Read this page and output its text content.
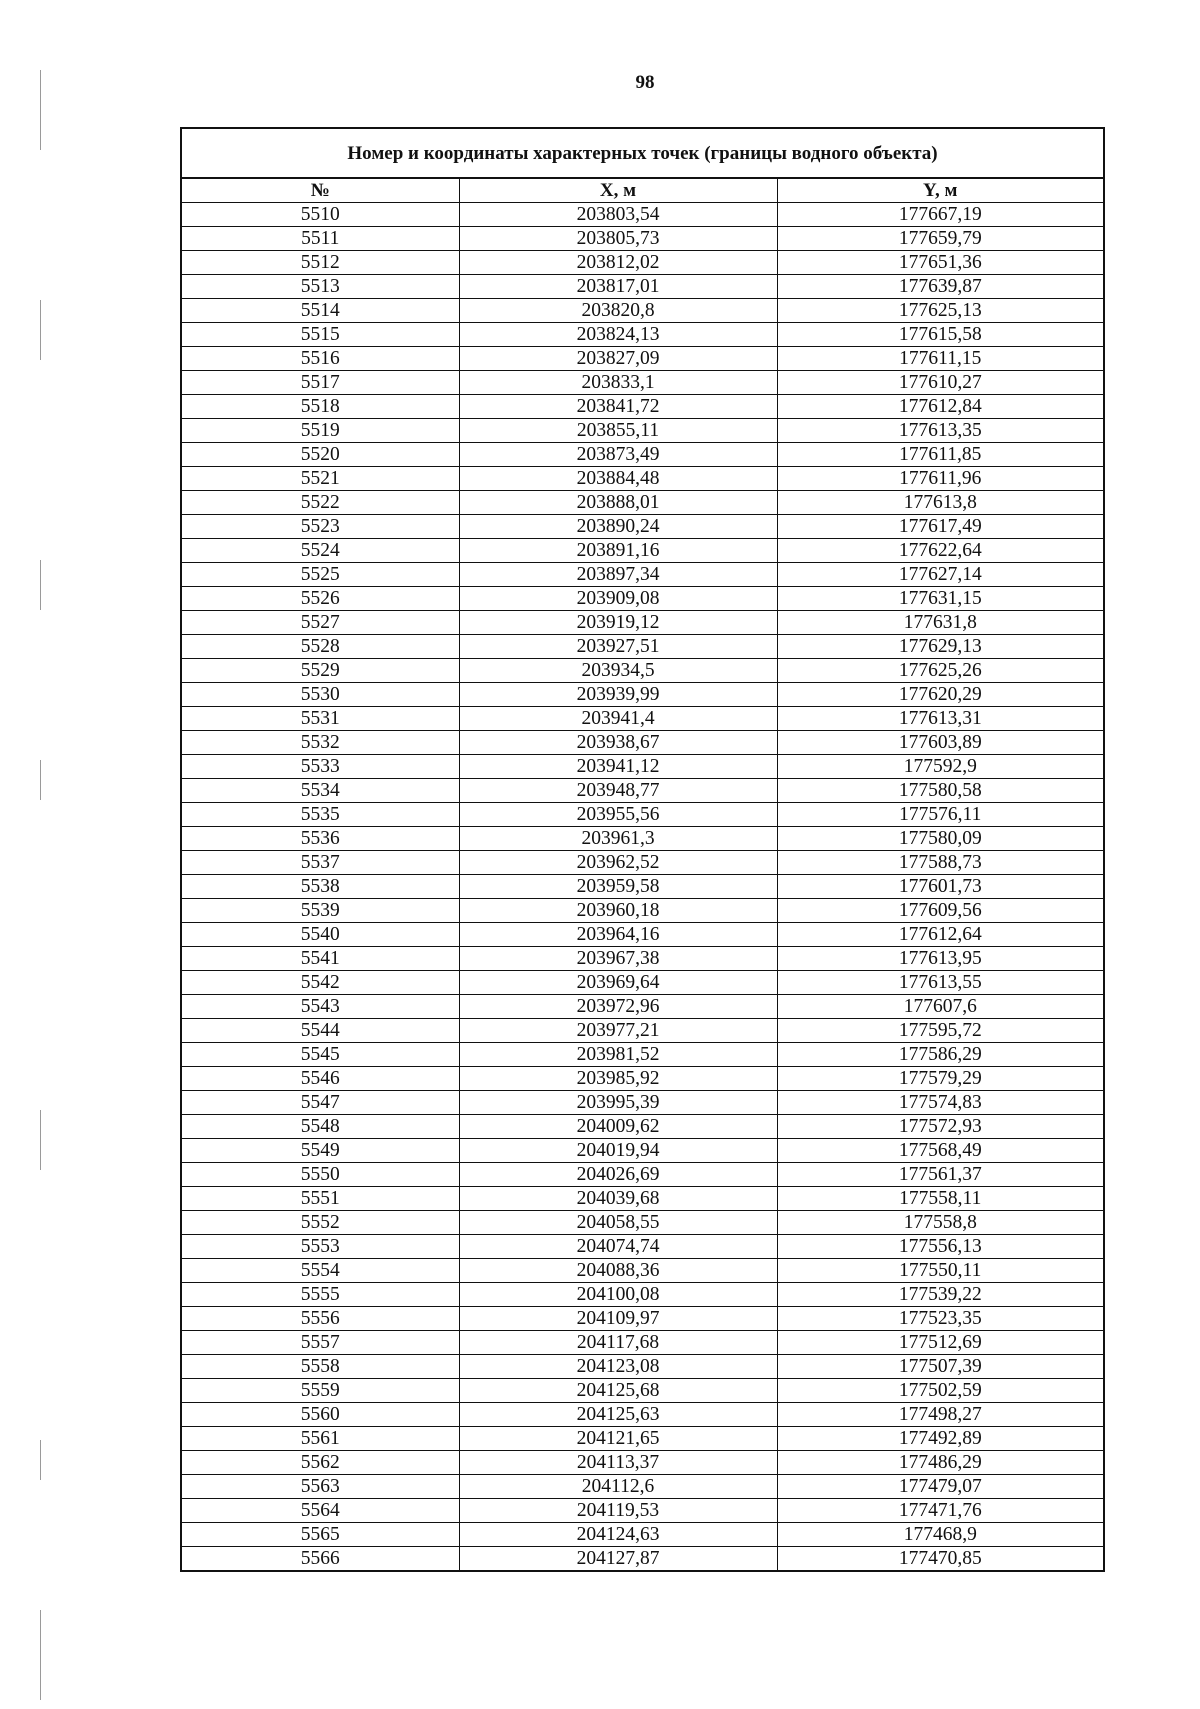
98
Номер и координаты характерных точек (границы водного объекта)		
№	X, м	Y, м
5510	203803,54	177667,19
5511	203805,73	177659,79
5512	203812,02	177651,36
5513	203817,01	177639,87
5514	203820,8	177625,13
5515	203824,13	177615,58
5516	203827,09	177611,15
5517	203833,1	177610,27
5518	203841,72	177612,84
5519	203855,11	177613,35
5520	203873,49	177611,85
5521	203884,48	177611,96
5522	203888,01	177613,8
5523	203890,24	177617,49
5524	203891,16	177622,64
5525	203897,34	177627,14
5526	203909,08	177631,15
5527	203919,12	177631,8
5528	203927,51	177629,13
5529	203934,5	177625,26
5530	203939,99	177620,29
5531	203941,4	177613,31
5532	203938,67	177603,89
5533	203941,12	177592,9
5534	203948,77	177580,58
5535	203955,56	177576,11
5536	203961,3	177580,09
5537	203962,52	177588,73
5538	203959,58	177601,73
5539	203960,18	177609,56
5540	203964,16	177612,64
5541	203967,38	177613,95
5542	203969,64	177613,55
5543	203972,96	177607,6
5544	203977,21	177595,72
5545	203981,52	177586,29
5546	203985,92	177579,29
5547	203995,39	177574,83
5548	204009,62	177572,93
5549	204019,94	177568,49
5550	204026,69	177561,37
5551	204039,68	177558,11
5552	204058,55	177558,8
5553	204074,74	177556,13
5554	204088,36	177550,11
5555	204100,08	177539,22
5556	204109,97	177523,35
5557	204117,68	177512,69
5558	204123,08	177507,39
5559	204125,68	177502,59
5560	204125,63	177498,27
5561	204121,65	177492,89
5562	204113,37	177486,29
5563	204112,6	177479,07
5564	204119,53	177471,76
5565	204124,63	177468,9
5566	204127,87	177470,85
